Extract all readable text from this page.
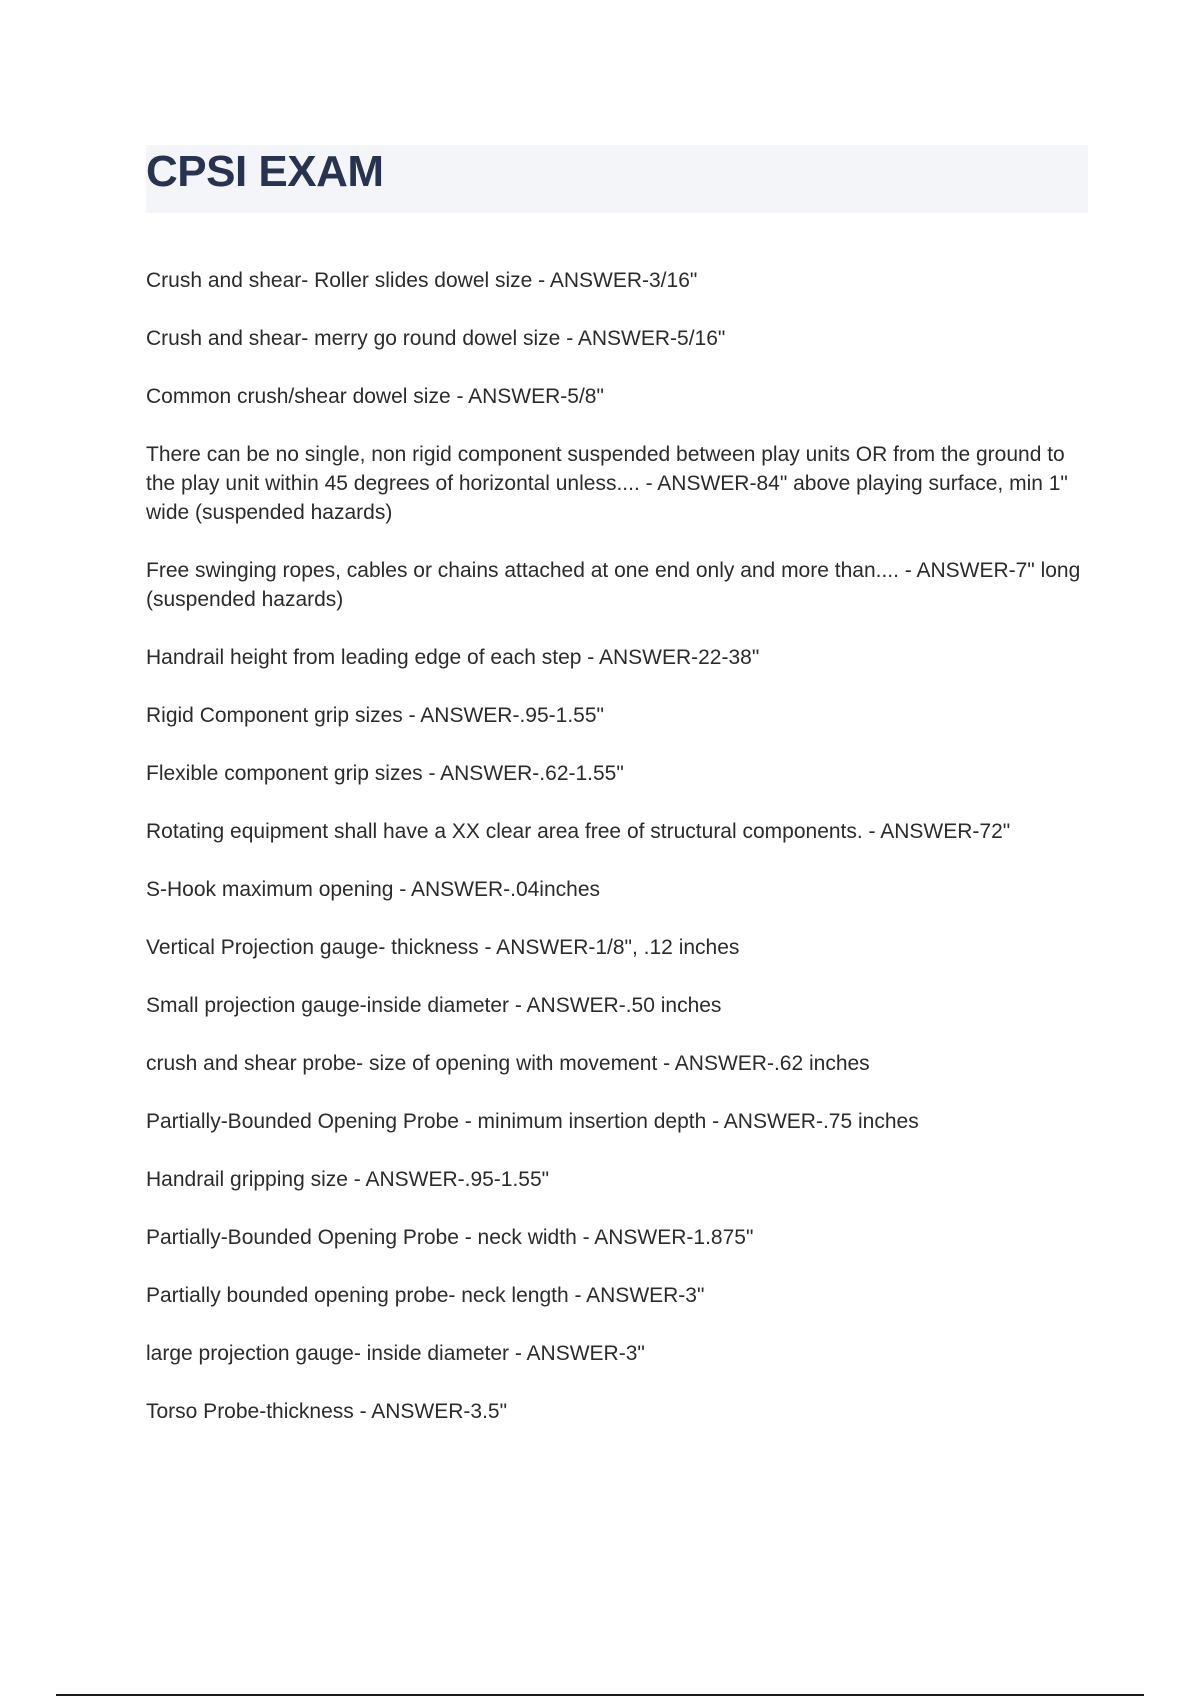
CPSI EXAM
Crush and shear- Roller slides dowel size - ANSWER-3/16"
Crush and shear- merry go round dowel size - ANSWER-5/16"
Common crush/shear dowel size - ANSWER-5/8"
There can be no single, non rigid component suspended between play units OR from the ground to the play unit within 45 degrees of horizontal unless.... - ANSWER-84" above playing surface, min 1" wide (suspended hazards)
Free swinging ropes, cables or chains attached at one end only and more than.... - ANSWER-7" long (suspended hazards)
Handrail height from leading edge of each step - ANSWER-22-38"
Rigid Component grip sizes - ANSWER-.95-1.55"
Flexible component grip sizes - ANSWER-.62-1.55"
Rotating equipment shall have a XX clear area free of structural components. - ANSWER-72"
S-Hook maximum opening - ANSWER-.04inches
Vertical Projection gauge- thickness - ANSWER-1/8", .12 inches
Small projection gauge-inside diameter - ANSWER-.50 inches
crush and shear probe- size of opening with movement - ANSWER-.62 inches
Partially-Bounded Opening Probe - minimum insertion depth - ANSWER-.75 inches
Handrail gripping size - ANSWER-.95-1.55"
Partially-Bounded Opening Probe - neck width - ANSWER-1.875"
Partially bounded opening probe- neck length - ANSWER-3"
large projection gauge- inside diameter - ANSWER-3"
Torso Probe-thickness - ANSWER-3.5"
